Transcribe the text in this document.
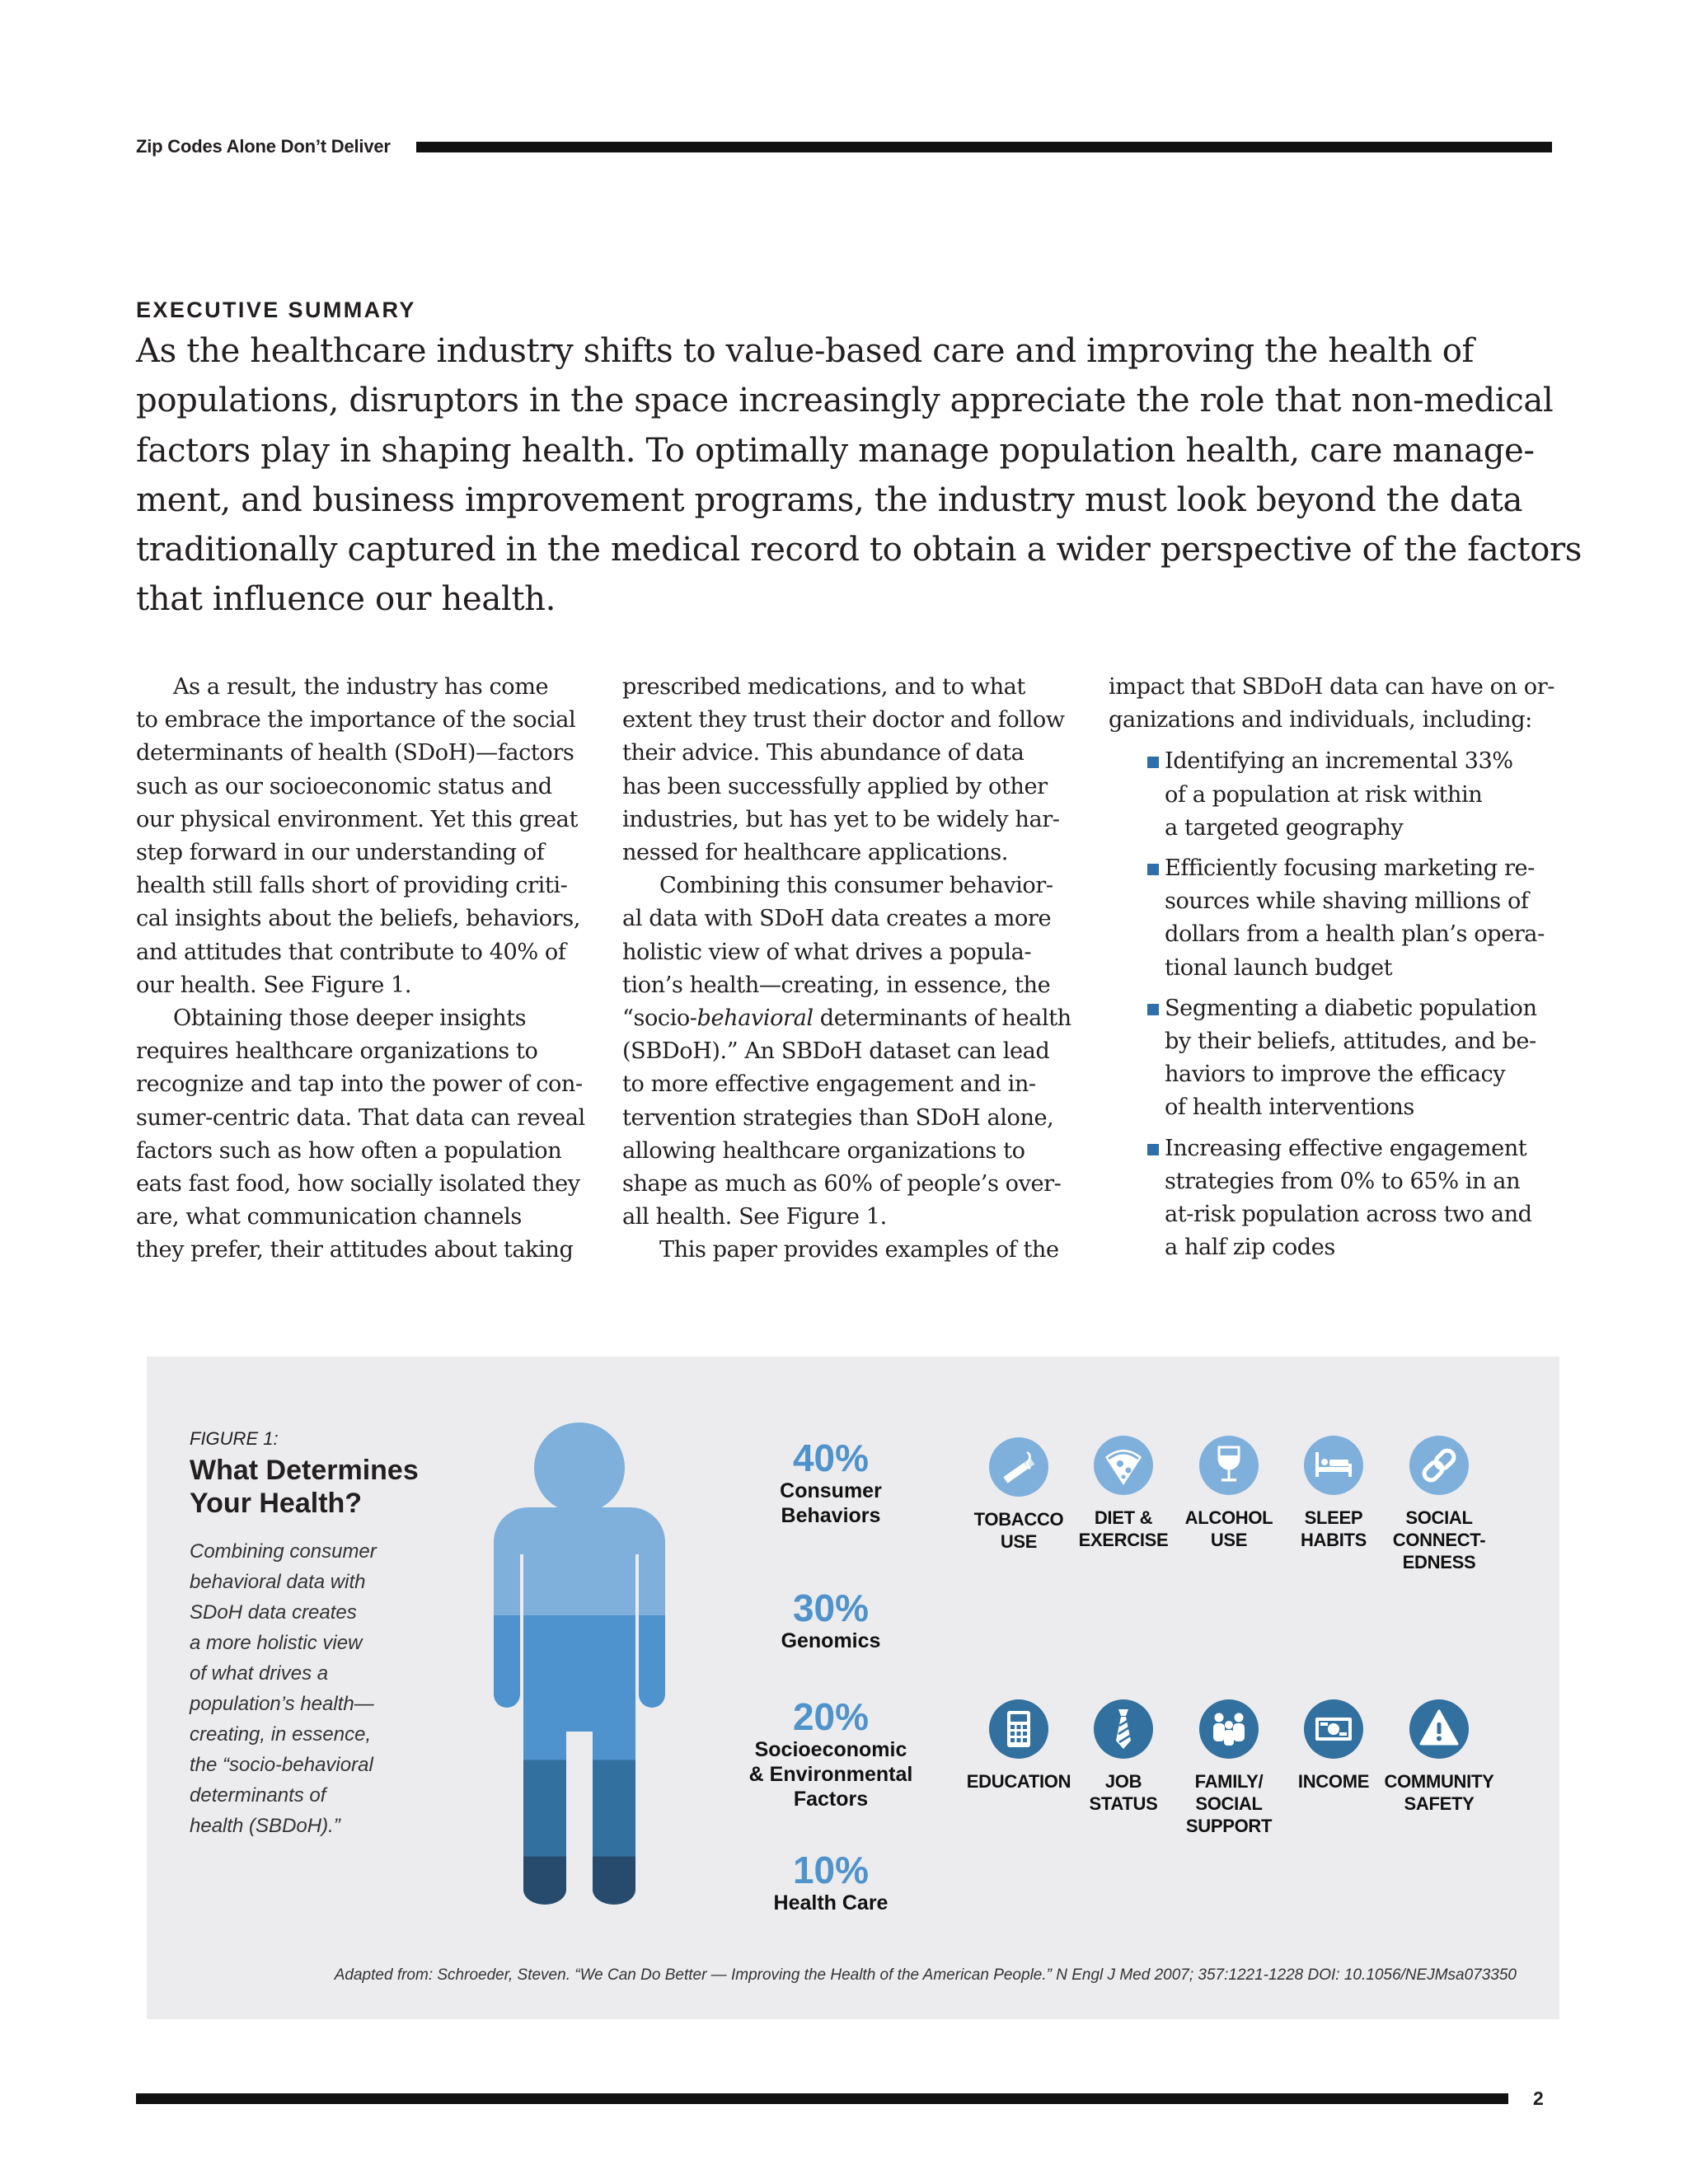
Zip Codes Alone Don’t Deliver
EXECUTIVE SUMMARY
As the healthcare industry shifts to value-based care and improving the health of
populations, disruptors in the space increasingly appreciate the role that non-medical
factors play in shaping health. To optimally manage population health, care manage-
ment, and business improvement programs, the industry must look beyond the data
traditionally captured in the medical record to obtain a wider perspective of the factors
that influence our health.
As a result, the industry has come
to embrace the importance of the social
determinants of health (SDoH)—factors
such as our socioeconomic status and
our physical environment. Yet this great
step forward in our understanding of
health still falls short of providing criti-
cal insights about the beliefs, behaviors,
and attitudes that contribute to 40% of
our health. See Figure 1.
Obtaining those deeper insights
requires healthcare organizations to
recognize and tap into the power of con-
sumer-centric data. That data can reveal
factors such as how often a population
eats fast food, how socially isolated they
are, what communication channels
they prefer, their attitudes about taking
prescribed medications, and to what
extent they trust their doctor and follow
their advice. This abundance of data
has been successfully applied by other
industries, but has yet to be widely har-
nessed for healthcare applications.
Combining this consumer behavior-
al data with SDoH data creates a more
holistic view of what drives a popula-
tion’s health—creating, in essence, the
“socio-behavioral determinants of health
(SBDoH).” An SBDoH dataset can lead
to more effective engagement and in-
tervention strategies than SDoH alone,
allowing healthcare organizations to
shape as much as 60% of people’s over-
all health. See Figure 1.
This paper provides examples of the
impact that SBDoH data can have on or-
ganizations and individuals, including:
Identifying an incremental 33%
of a population at risk within
a targeted geography
Efficiently focusing marketing re-
sources while shaving millions of
dollars from a health plan’s opera-
tional launch budget
Segmenting a diabetic population
by their beliefs, attitudes, and be-
haviors to improve the efficacy
of health interventions
Increasing effective engagement
strategies from 0% to 65% in an
at-risk population across two and
a half zip codes
FIGURE 1:
What Determines Your Health?
Combining consumer
behavioral data with
SDoH data creates
a more holistic view
of what drives a
population’s health—
creating, in essence,
the “socio-behavioral
determinants of
health (SBDoH).”
40%
Consumer
Behaviors
30%
Genomics
20%
Socioeconomic
& Environmental
Factors
10%
Health Care
TOBACCO
USE
DIET &
EXERCISE
ALCOHOL
USE
SLEEP
HABITS
SOCIAL
CONNECT-
EDNESS
EDUCATION	JOB
STATUS
FAMILY/
SOCIAL
SUPPORT
INCOME COMMUNITY
SAFETY
Adapted from: Schroeder, Steven. “We Can Do Better — Improving the Health of the American People.” N Engl J Med 2007; 357:1221-1228 DOI: 10.1056/NEJMsa073350
2
